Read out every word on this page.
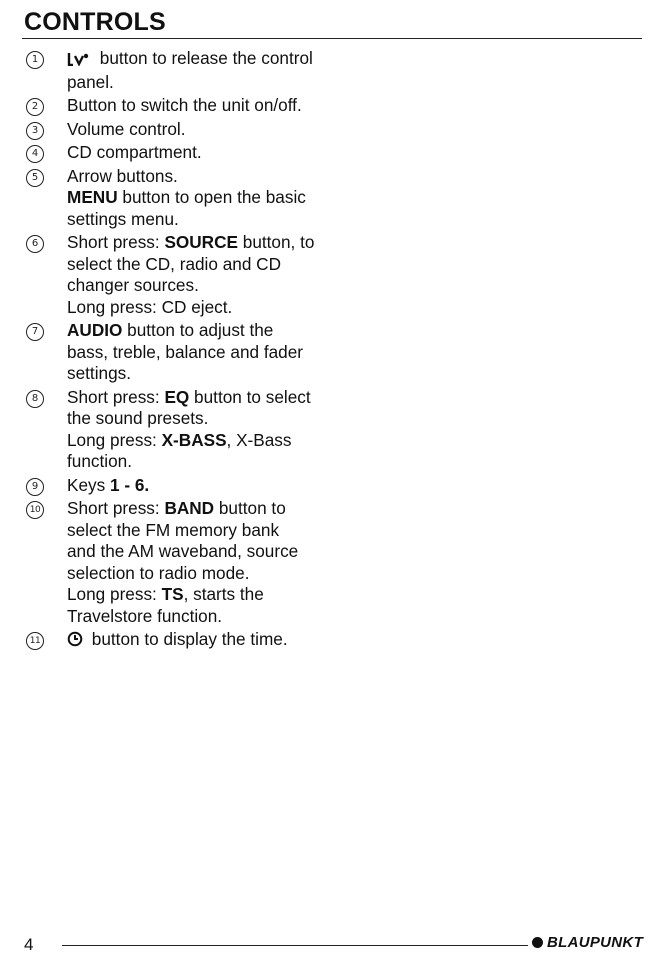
CONTROLS
1	button to release the control
panel.
2	Button to switch the unit on/off.
3	Volume control.
4	CD compartment.
5	Arrow buttons.
MENU button to open the basic
settings menu.
6	Short press: SOURCE button, to
select the CD, radio and CD
changer sources.
Long press: CD eject.
7	AUDIO button to adjust the
bass, treble, balance and fader
settings.
8	Short press: EQ button to select
the sound presets.
Long press: X-BASS, X-Bass
function.
9	Keys 1 - 6.
10 Short press: BAND button to
select the FM memory bank
and the AM waveband, source
selection to radio mode.
Long press: TS, starts the
Travelstore function.
11	button to display the time.
4	BLAUPUNKT
